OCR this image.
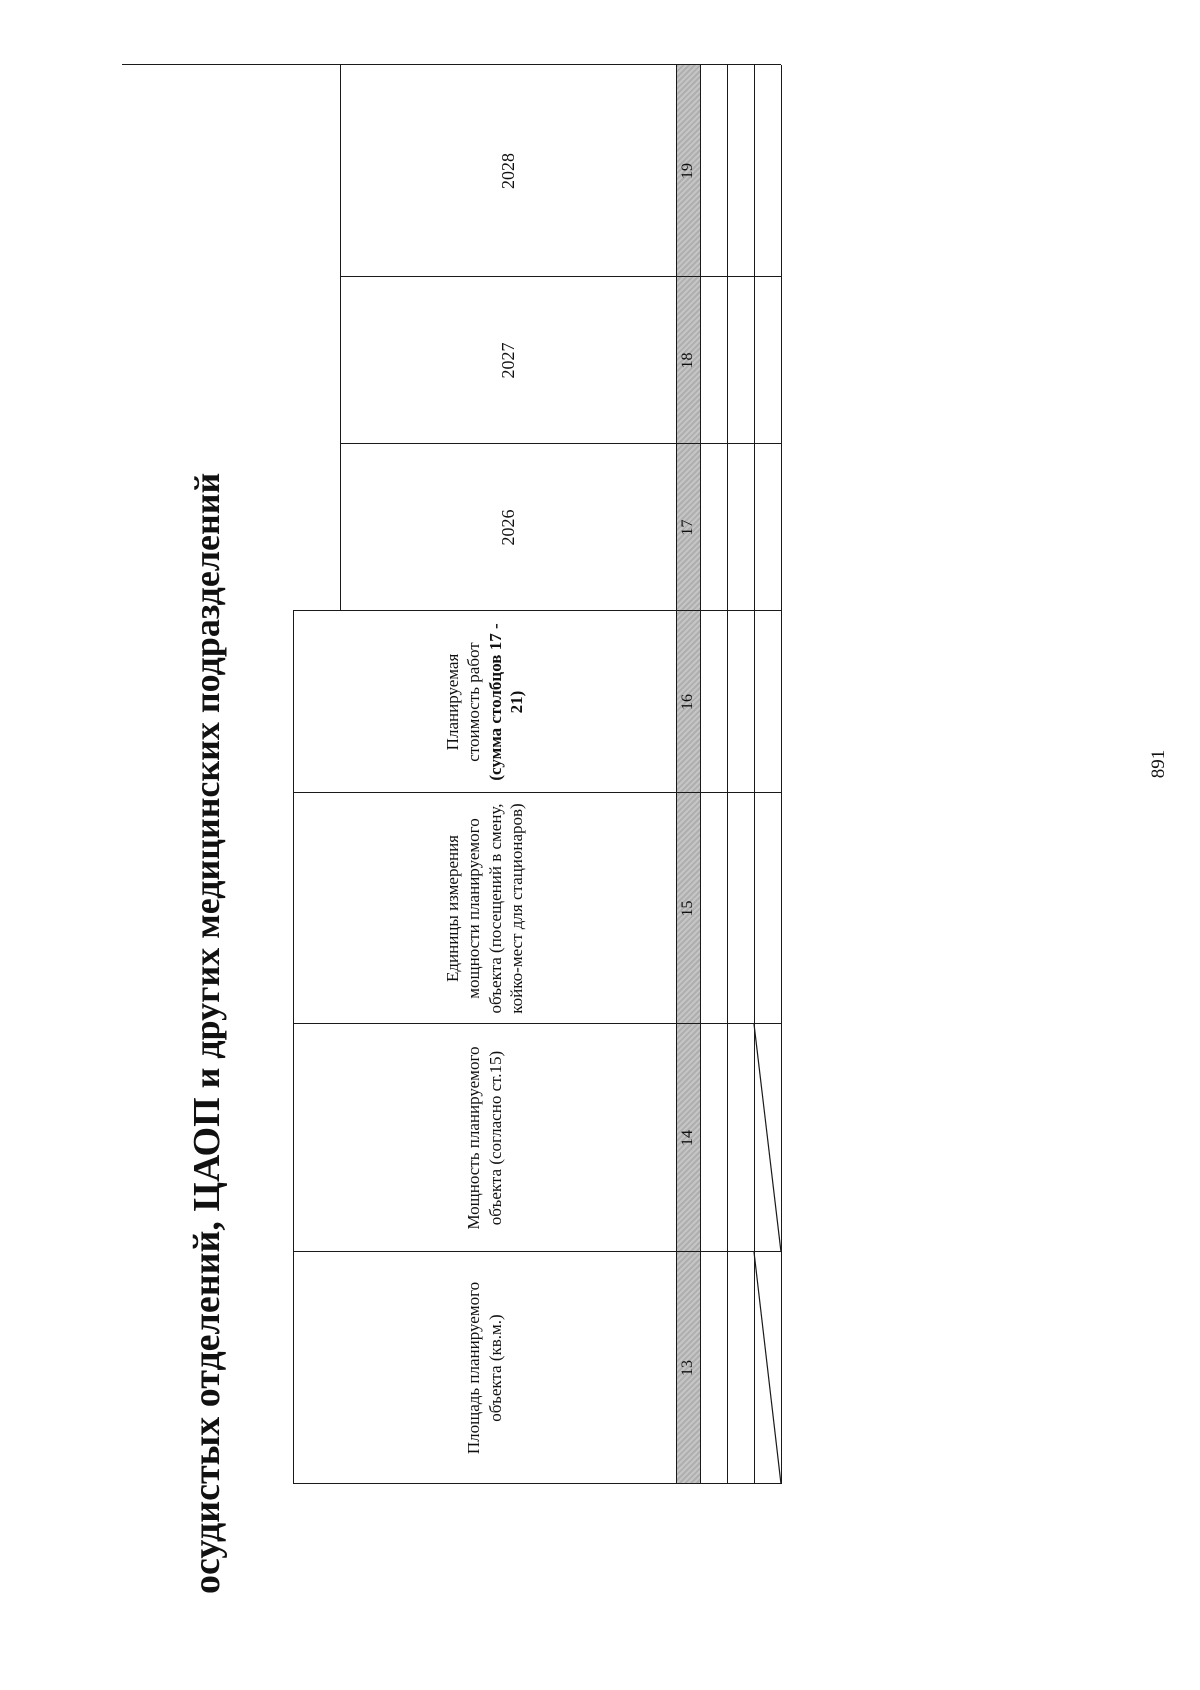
осудистых отделений, ЦАОП и других медицинских подразделений
Площадь планируемого объекта (кв.м.)
Мощность планируемого объекта (согласно ст.15)
Единицы измерения мощности планируемого объекта (посещений в смену, койко-мест для стационаров)
Планируемая стоимость работ (сумма столбцов 17 - 21)
2026
2027
2028
13
14
15
16
17
18
19
891
